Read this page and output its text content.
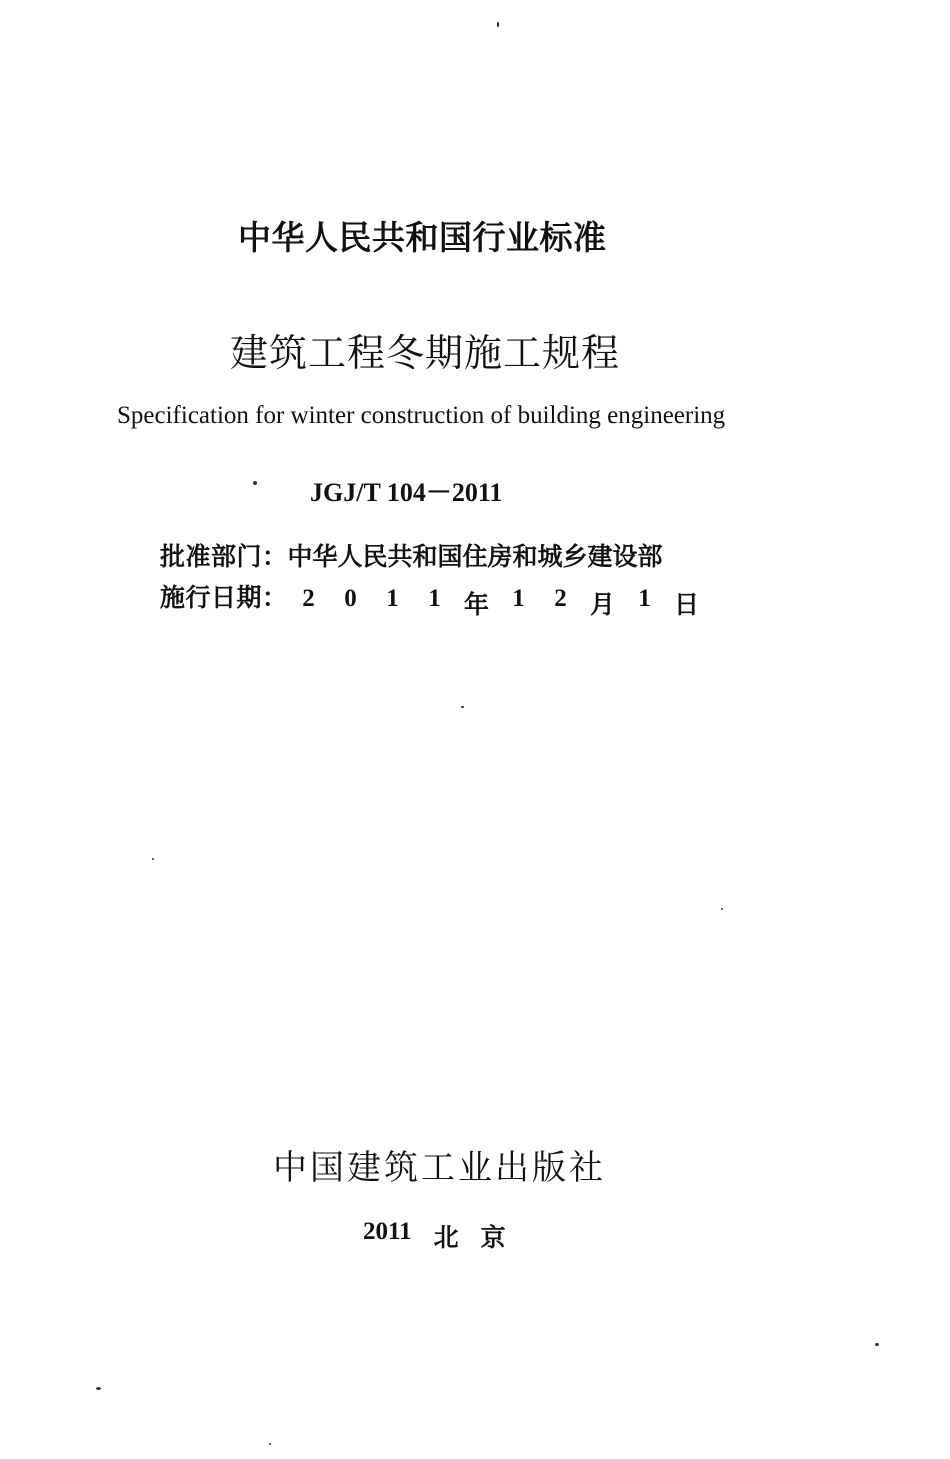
中华人民共和国行业标准
建筑工程冬期施工规程
Specification for winter construction of building engineering
JGJ/T 104－2011
批准部门： 中华人民共和国住房和城乡建设部
施行日期： 2	0	1	1 年 1	2 月 1 日
中国建筑工业出版社
2011 北 京
